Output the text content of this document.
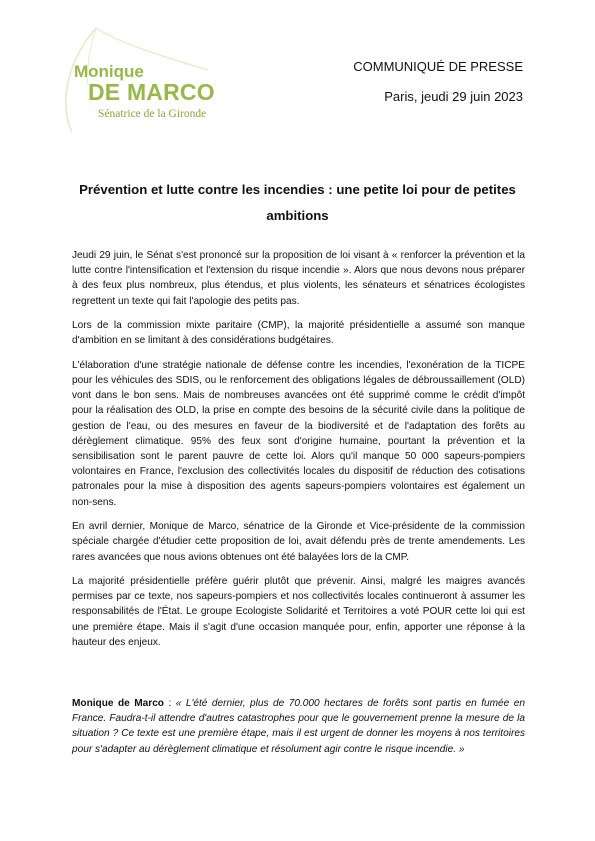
Monique
DE MARCO
Sénatrice de la Gironde
COMMUNIQUÉ DE PRESSE
Paris, jeudi 29 juin 2023
Prévention et lutte contre les incendies : une petite loi pour de petites ambitions

Jeudi 29 juin, le Sénat s'est prononcé sur la proposition de loi visant à « renforcer la prévention et la lutte contre l'intensification et l'extension du risque incendie ». Alors que nous devons nous préparer à des feux plus nombreux, plus étendus, et plus violents, les sénateurs et sénatrices écologistes regrettent un texte qui fait l'apologie des petits pas.

Lors de la commission mixte paritaire (CMP), la majorité présidentielle a assumé son manque d'ambition en se limitant à des considérations budgétaires.

L'élaboration d'une stratégie nationale de défense contre les incendies, l'exonération de la TICPE pour les véhicules des SDIS, ou le renforcement des obligations légales de débroussaillement (OLD) vont dans le bon sens. Mais de nombreuses avancées ont été supprimé comme le crédit d'impôt pour la réalisation des OLD, la prise en compte des besoins de la sécurité civile dans la politique de gestion de l'eau, ou des mesures en faveur de la biodiversité et de l'adaptation des forêts au dérèglement climatique. 95% des feux sont d'origine humaine, pourtant la prévention et la sensibilisation sont le parent pauvre de cette loi. Alors qu'il manque 50 000 sapeurs-pompiers volontaires en France, l'exclusion des collectivités locales du dispositif de réduction des cotisations patronales pour la mise à disposition des agents sapeurs-pompiers volontaires est également un non-sens.

En avril dernier, Monique de Marco, sénatrice de la Gironde et Vice-présidente de la commission spéciale chargée d'étudier cette proposition de loi, avait défendu près de trente amendements. Les rares avancées que nous avions obtenues ont été balayées lors de la CMP.

La majorité présidentielle préfère guérir plutôt que prévenir. Ainsi, malgré les maigres avancés permises par ce texte, nos sapeurs-pompiers et nos collectivités locales continueront à assumer les responsabilités de l'État. Le groupe Ecologiste Solidarité et Territoires a voté POUR cette loi qui est une première étape. Mais il s'agit d'une occasion manquée pour, enfin, apporter une réponse à la hauteur des enjeux.

Monique de Marco : « L'été dernier, plus de 70.000 hectares de forêts sont partis en fumée en France. Faudra-t-il attendre d'autres catastrophes pour que le gouvernement prenne la mesure de la situation ? Ce texte est une première étape, mais il est urgent de donner les moyens à nos territoires pour s'adapter au dérèglement climatique et résolument agir contre le risque incendie. »
